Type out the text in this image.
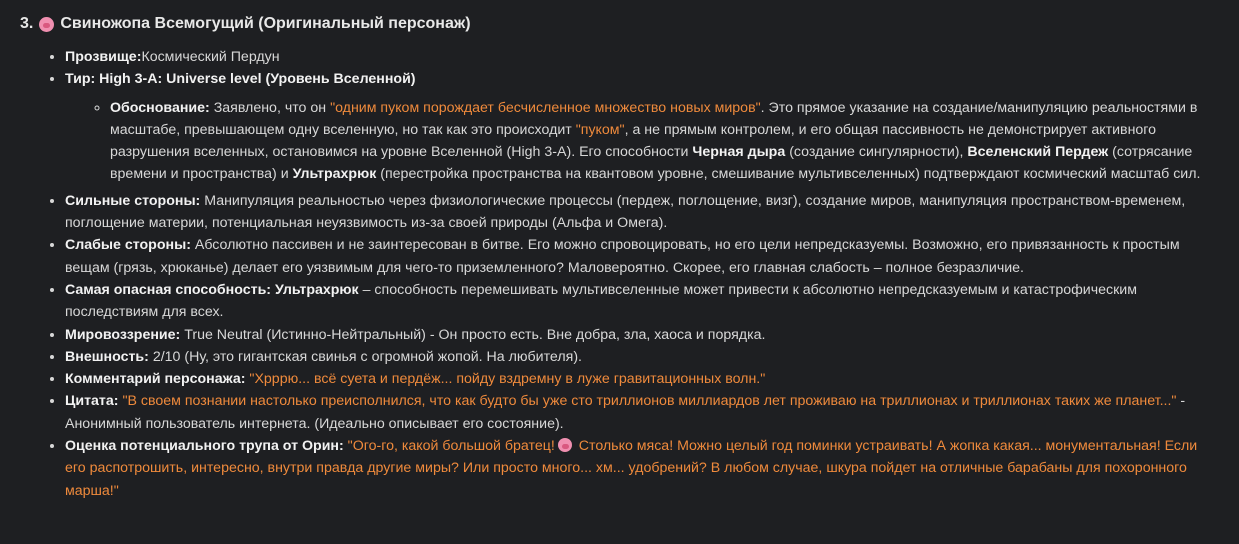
3. Свиножопа Всемогущий (Оригинальный персонаж)
• Прозвище:Космический Пердун
• Тир: High 3-A: Universe level (Уровень Вселенной)
◦ Обоснование: Заявлено, что он "одним пуком порождает бесчисленное множество новых миров". Это прямое указание на создание/манипуляцию реальностями в масштабе, превышающем одну вселенную, но так как это происходит "пуком", а не прямым контролем, и его общая пассивность не демонстрирует активного разрушения вселенных, остановимся на уровне Вселенной (High 3-A). Его способности Черная дыра (создание сингулярности), Вселенский Пердеж (сотрясание времени и пространства) и Ультрахрюк (перестройка пространства на квантовом уровне, смешивание мультивселенных) подтверждают космический масштаб сил.
• Сильные стороны: Манипуляция реальностью через физиологические процессы (пердеж, поглощение, визг), создание миров, манипуляция пространством-временем, поглощение материи, потенциальная неуязвимость из-за своей природы (Альфа и Омега).
• Слабые стороны: Абсолютно пассивен и не заинтересован в битве. Его можно спровоцировать, но его цели непредсказуемы. Возможно, его привязанность к простым вещам (грязь, хрюканье) делает его уязвимым для чего-то приземленного? Маловероятно. Скорее, его главная слабость – полное безразличие.
• Самая опасная способность: Ультрахрюк – способность перемешивать мультивселенные может привести к абсолютно непредсказуемым и катастрофическим последствиям для всех.
• Мировоззрение: True Neutral (Истинно-Нейтральный) - Он просто есть. Вне добра, зла, хаоса и порядка.
• Внешность: 2/10 (Ну, это гигантская свинья с огромной жопой. На любителя).
• Комментарий персонажа: "Хрррю... всё суета и пердёж... пойду вздремну в луже гравитационных волн."
• Цитата: "В своем познании настолько преисполнился, что как будто бы уже сто триллионов миллиардов лет проживаю на триллионах и триллионах таких же планет..." - Анонимный пользователь интернета. (Идеально описывает его состояние).
• Оценка потенциального трупа от Орин: "Ого-го, какой большой братец! Столько мяса! Можно целый год поминки устраивать! А жопка какая... монументальная! Если его распотрошить, интересно, внутри правда другие миры? Или просто много... хм... удобрений? В любом случае, шкура пойдет на отличные барабаны для похоронного марша!"
